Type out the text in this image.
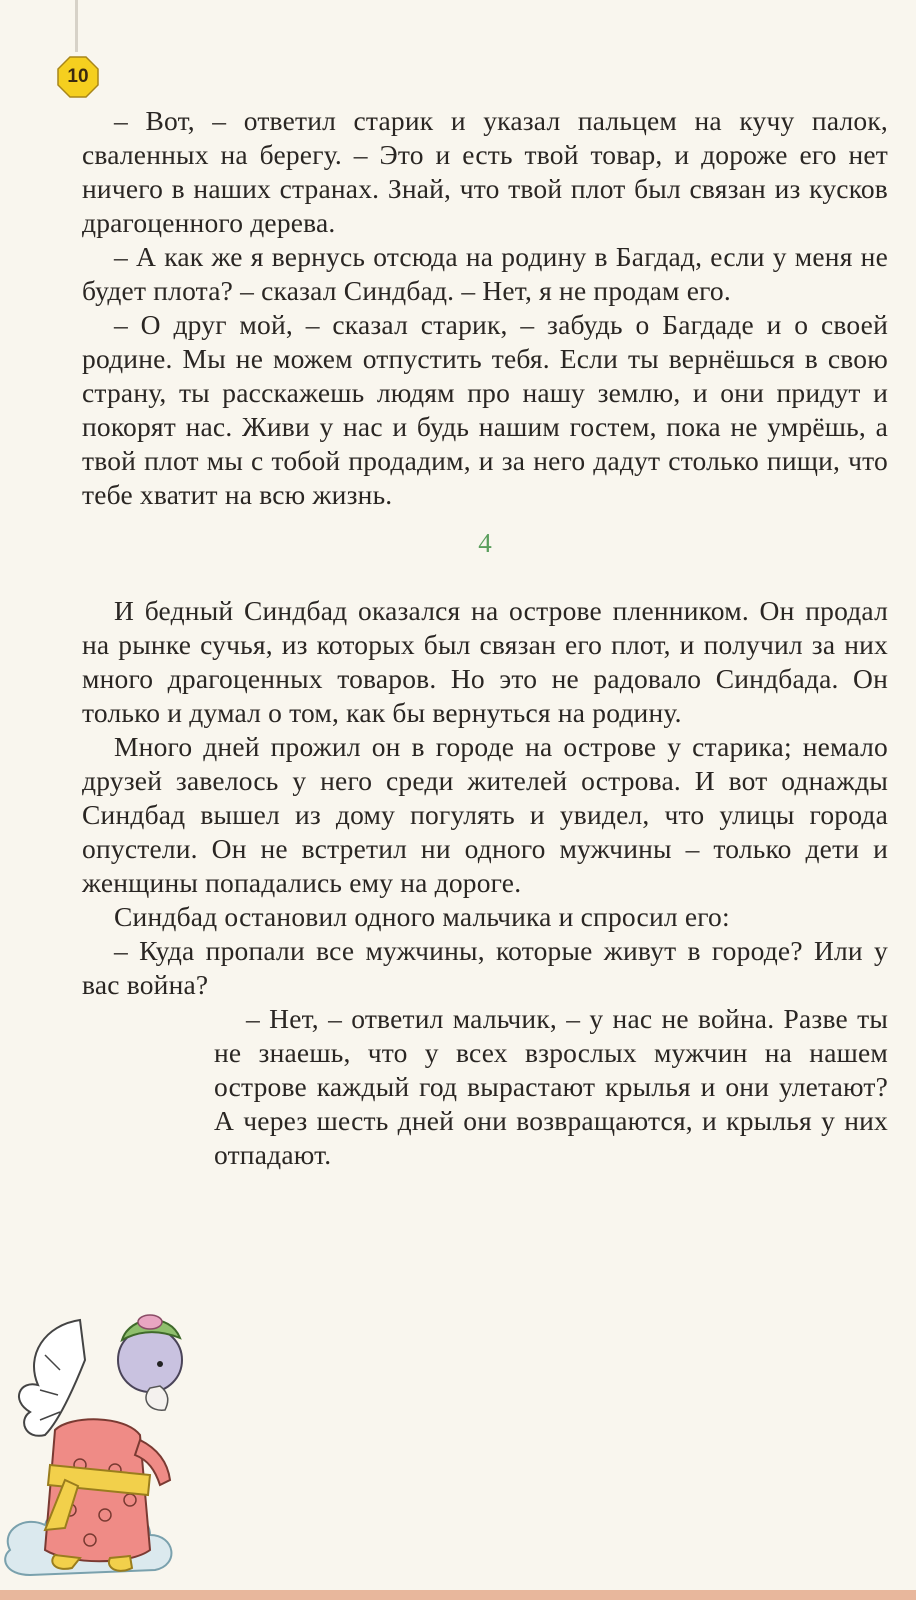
10

– Вот, – ответил старик и указал пальцем на кучу палок, сваленных на берегу. – Это и есть твой товар, и дороже его нет ничего в наших странах. Знай, что твой плот был связан из кусков драгоценного дерева.

– А как же я вернусь отсюда на родину в Багдад, если у меня не будет плота? – сказал Синдбад. – Нет, я не продам его.

– О друг мой, – сказал старик, – забудь о Багдаде и о своей родине. Мы не можем отпустить тебя. Если ты вернёшься в свою страну, ты расскажешь людям про нашу землю, и они придут и покорят нас. Живи у нас и будь нашим гостем, пока не умрёшь, а твой плот мы с тобой продадим, и за него дадут столько пищи, что тебе хватит на всю жизнь.

4

И бедный Синдбад оказался на острове пленником. Он продал на рынке сучья, из которых был связан его плот, и получил за них много драгоценных товаров. Но это не радовало Синдбада. Он только и думал о том, как бы вернуться на родину.

Много дней прожил он в городе на острове у старика; немало друзей завелось у него среди жителей острова. И вот однажды Синдбад вышел из дому погулять и увидел, что улицы города опустели. Он не встретил ни одного мужчины – только дети и женщины попадались ему на дороге.

Синдбад остановил одного мальчика и спросил его:

– Куда пропали все мужчины, которые живут в городе? Или у вас война?

– Нет, – ответил мальчик, – у нас не война. Разве ты не знаешь, что у всех взрослых мужчин на нашем острове каждый год вырастают крылья и они улетают? А через шесть дней они возвращаются, и крылья у них отпадают.
